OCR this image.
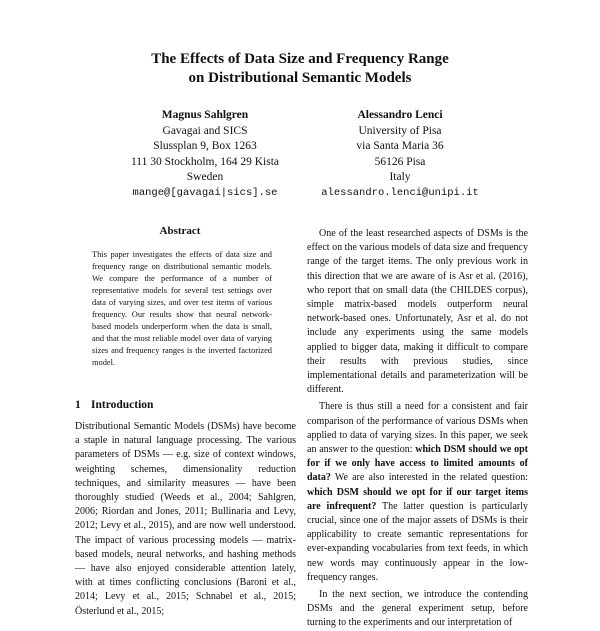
The Effects of Data Size and Frequency Range
on Distributional Semantic Models
Magnus Sahlgren
Gavagai and SICS
Slussplan 9, Box 1263
111 30 Stockholm, 164 29 Kista
Sweden
mange@[gavagai|sics].se
Alessandro Lenci
University of Pisa
via Santa Maria 36
56126 Pisa
Italy
alessandro.lenci@unipi.it
Abstract
This paper investigates the effects of data size and frequency range on distributional semantic models. We compare the performance of a number of representative models for several test settings over data of varying sizes, and over test items of various frequency. Our results show that neural network-based models underperform when the data is small, and that the most reliable model over data of varying sizes and frequency ranges is the inverted factorized model.
1 Introduction

Distributional Semantic Models (DSMs) have become a staple in natural language processing. The various parameters of DSMs — e.g. size of context windows, weighting schemes, dimensionality reduction techniques, and similarity measures — have been thoroughly studied (Weeds et al., 2004; Sahlgren, 2006; Riordan and Jones, 2011; Bullinaria and Levy, 2012; Levy et al., 2015), and are now well understood. The impact of various processing models — matrix-based models, neural networks, and hashing methods — have also enjoyed considerable attention lately, with at times conflicting conclusions (Baroni et al., 2014; Levy et al., 2015; Schnabel et al., 2015; Österlund et al., 2015;

One of the least researched aspects of DSMs is the effect on the various models of data size and frequency range of the target items. The only previous work in this direction that we are aware of is Asr et al. (2016), who report that on small data (the CHILDES corpus), simple matrix-based models outperform neural network-based ones. Unfortunately, Asr et al. do not include any experiments using the same models applied to bigger data, making it difficult to compare their results with previous studies, since implementational details and parameterization will be different.

There is thus still a need for a consistent and fair comparison of the performance of various DSMs when applied to data of varying sizes. In this paper, we seek an answer to the question: which DSM should we opt for if we only have access to limited amounts of data? We are also interested in the related question: which DSM should we opt for if our target items are infrequent? The latter question is particularly crucial, since one of the major assets of DSMs is their applicability to create semantic representations for ever-expanding vocabularies from text feeds, in which new words may continuously appear in the low-frequency ranges.

In the next section, we introduce the contending DSMs and the general experiment setup, before turning to the experiments and our interpretation of
